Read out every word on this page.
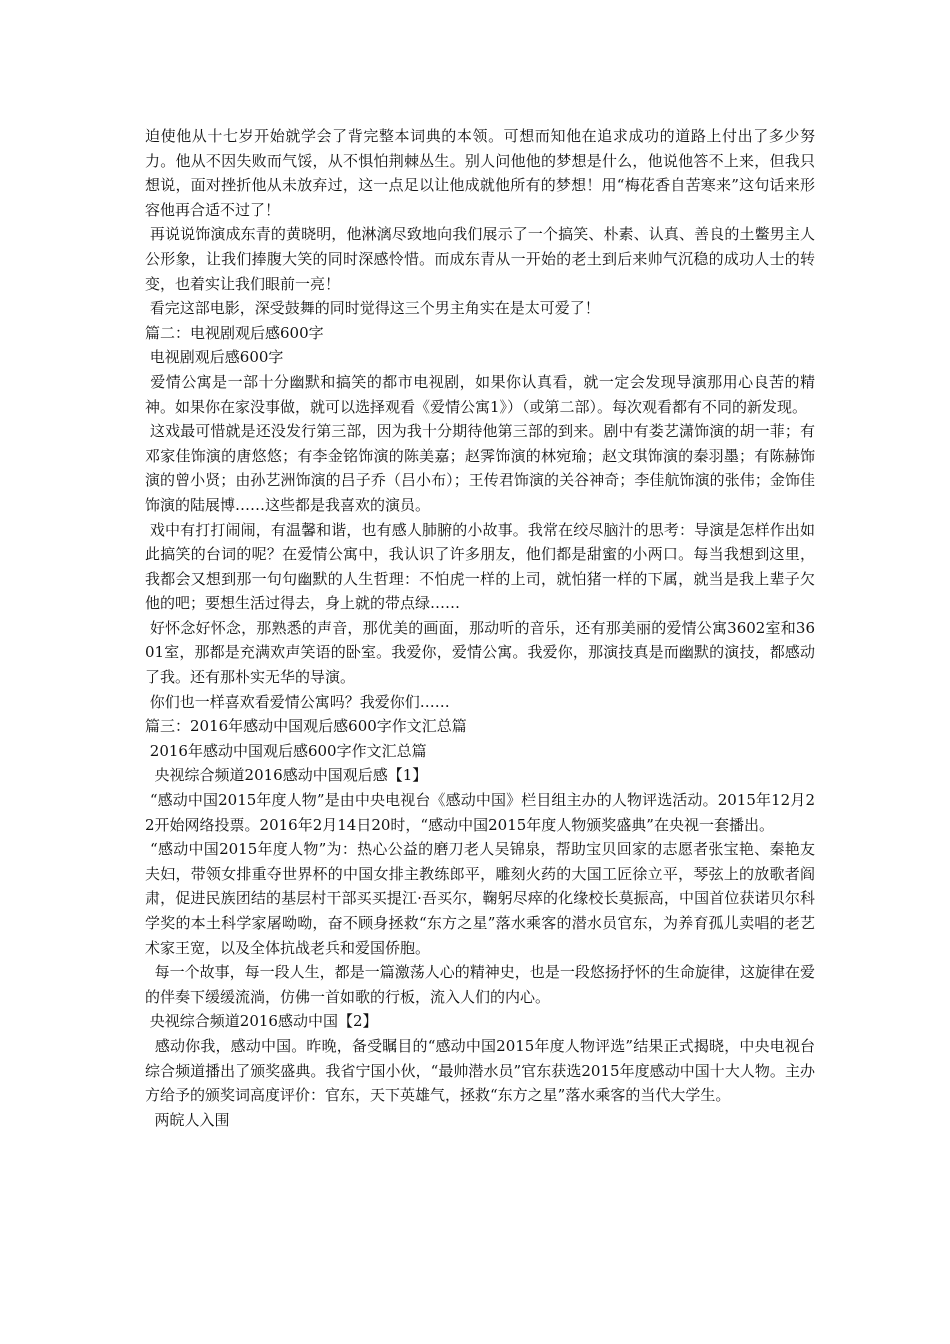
迫使他从十七岁开始就学会了背完整本词典的本领。可想而知他在追求成功的道路上付出了多少努力。他从不因失败而气馁，从不惧怕荆棘丛生。别人问他他的梦想是什么，他说他答不上来，但我只想说，面对挫折他从未放弃过，这一点足以让他成就他所有的梦想！用“梅花香自苦寒来”这句话来形容他再合适不过了！

再说说饰演成东青的黄晓明，他淋漓尽致地向我们展示了一个搞笑、朴素、认真、善良的土鳖男主人公形象，让我们捧腹大笑的同时深感怜惜。而成东青从一开始的老土到后来帅气沉稳的成功人士的转变，也着实让我们眼前一亮！

看完这部电影，深受鼓舞的同时觉得这三个男主角实在是太可爱了！

篇二：电视剧观后感600字

电视剧观后感600字

爱情公寓是一部十分幽默和搞笑的都市电视剧，如果你认真看，就一定会发现导演那用心良苦的精神。如果你在家没事做，就可以选择观看《爱情公寓1》）（或第二部）。每次观看都有不同的新发现。

这戏最可惜就是还没发行第三部，因为我十分期待他第三部的到来。剧中有娄艺潇饰演的胡一菲；有邓家佳饰演的唐悠悠；有李金铭饰演的陈美嘉；赵霁饰演的林宛瑜；赵文琪饰演的秦羽墨；有陈赫饰演的曾小贤；由孙艺洲饰演的吕子乔（吕小布）；王传君饰演的关谷神奇；李佳航饰演的张伟；金饰佳饰演的陆展博……这些都是我喜欢的演员。

戏中有打打闹闹，有温馨和谐，也有感人肺腑的小故事。我常在绞尽脑汁的思考：导演是怎样作出如此搞笑的台词的呢？在爱情公寓中，我认识了许多朋友，他们都是甜蜜的小两口。每当我想到这里，我都会又想到那一句句幽默的人生哲理：不怕虎一样的上司，就怕猪一样的下属，就当是我上辈子欠他的吧；要想生活过得去，身上就的带点绿……

好怀念好怀念，那熟悉的声音，那优美的画面，那动听的音乐，还有那美丽的爱情公寓3602室和3601室，那都是充满欢声笑语的卧室。我爱你，爱情公寓。我爱你，那演技真是而幽默的演技，都感动了我。还有那朴实无华的导演。

你们也一样喜欢看爱情公寓吗？我爱你们……

篇三：2016年感动中国观后感600字作文汇总篇

2016年感动中国观后感600字作文汇总篇

央视综合频道2016感动中国观后感【1】

“感动中国2015年度人物”是由中央电视台《感动中国》栏目组主办的人物评选活动。2015年12月22开始网络投票。2016年2月14日20时，“感动中国2015年度人物颁奖盛典”在央视一套播出。

“感动中国2015年度人物”为：热心公益的磨刀老人吴锦泉，帮助宝贝回家的志愿者张宝艳、秦艳友夫妇，带领女排重夺世界杯的中国女排主教练郎平，雕刻火药的大国工匠徐立平，琴弦上的放歌者阎肃，促进民族团结的基层村干部买买提江·吾买尔，鞠躬尽瘁的化缘校长莫振高，中国首位获诺贝尔科学奖的本土科学家屠呦呦，奋不顾身拯救“东方之星”落水乘客的潜水员官东，为养育孤儿卖唱的老艺术家王宽，以及全体抗战老兵和爱国侨胞。

每一个故事，每一段人生，都是一篇激荡人心的精神史，也是一段悠扬抒怀的生命旋律，这旋律在爱的伴奏下缓缓流淌，仿佛一首如歌的行板，流入人们的内心。

央视综合频道2016感动中国【2】

感动你我，感动中国。昨晚，备受瞩目的“感动中国2015年度人物评选”结果正式揭晓，中央电视台综合频道播出了颁奖盛典。我省宁国小伙，“最帅潜水员”官东获选2015年度感动中国十大人物。主办方给予的颁奖词高度评价：官东，天下英雄气，拯救“东方之星”落水乘客的当代大学生。

两皖人入围
